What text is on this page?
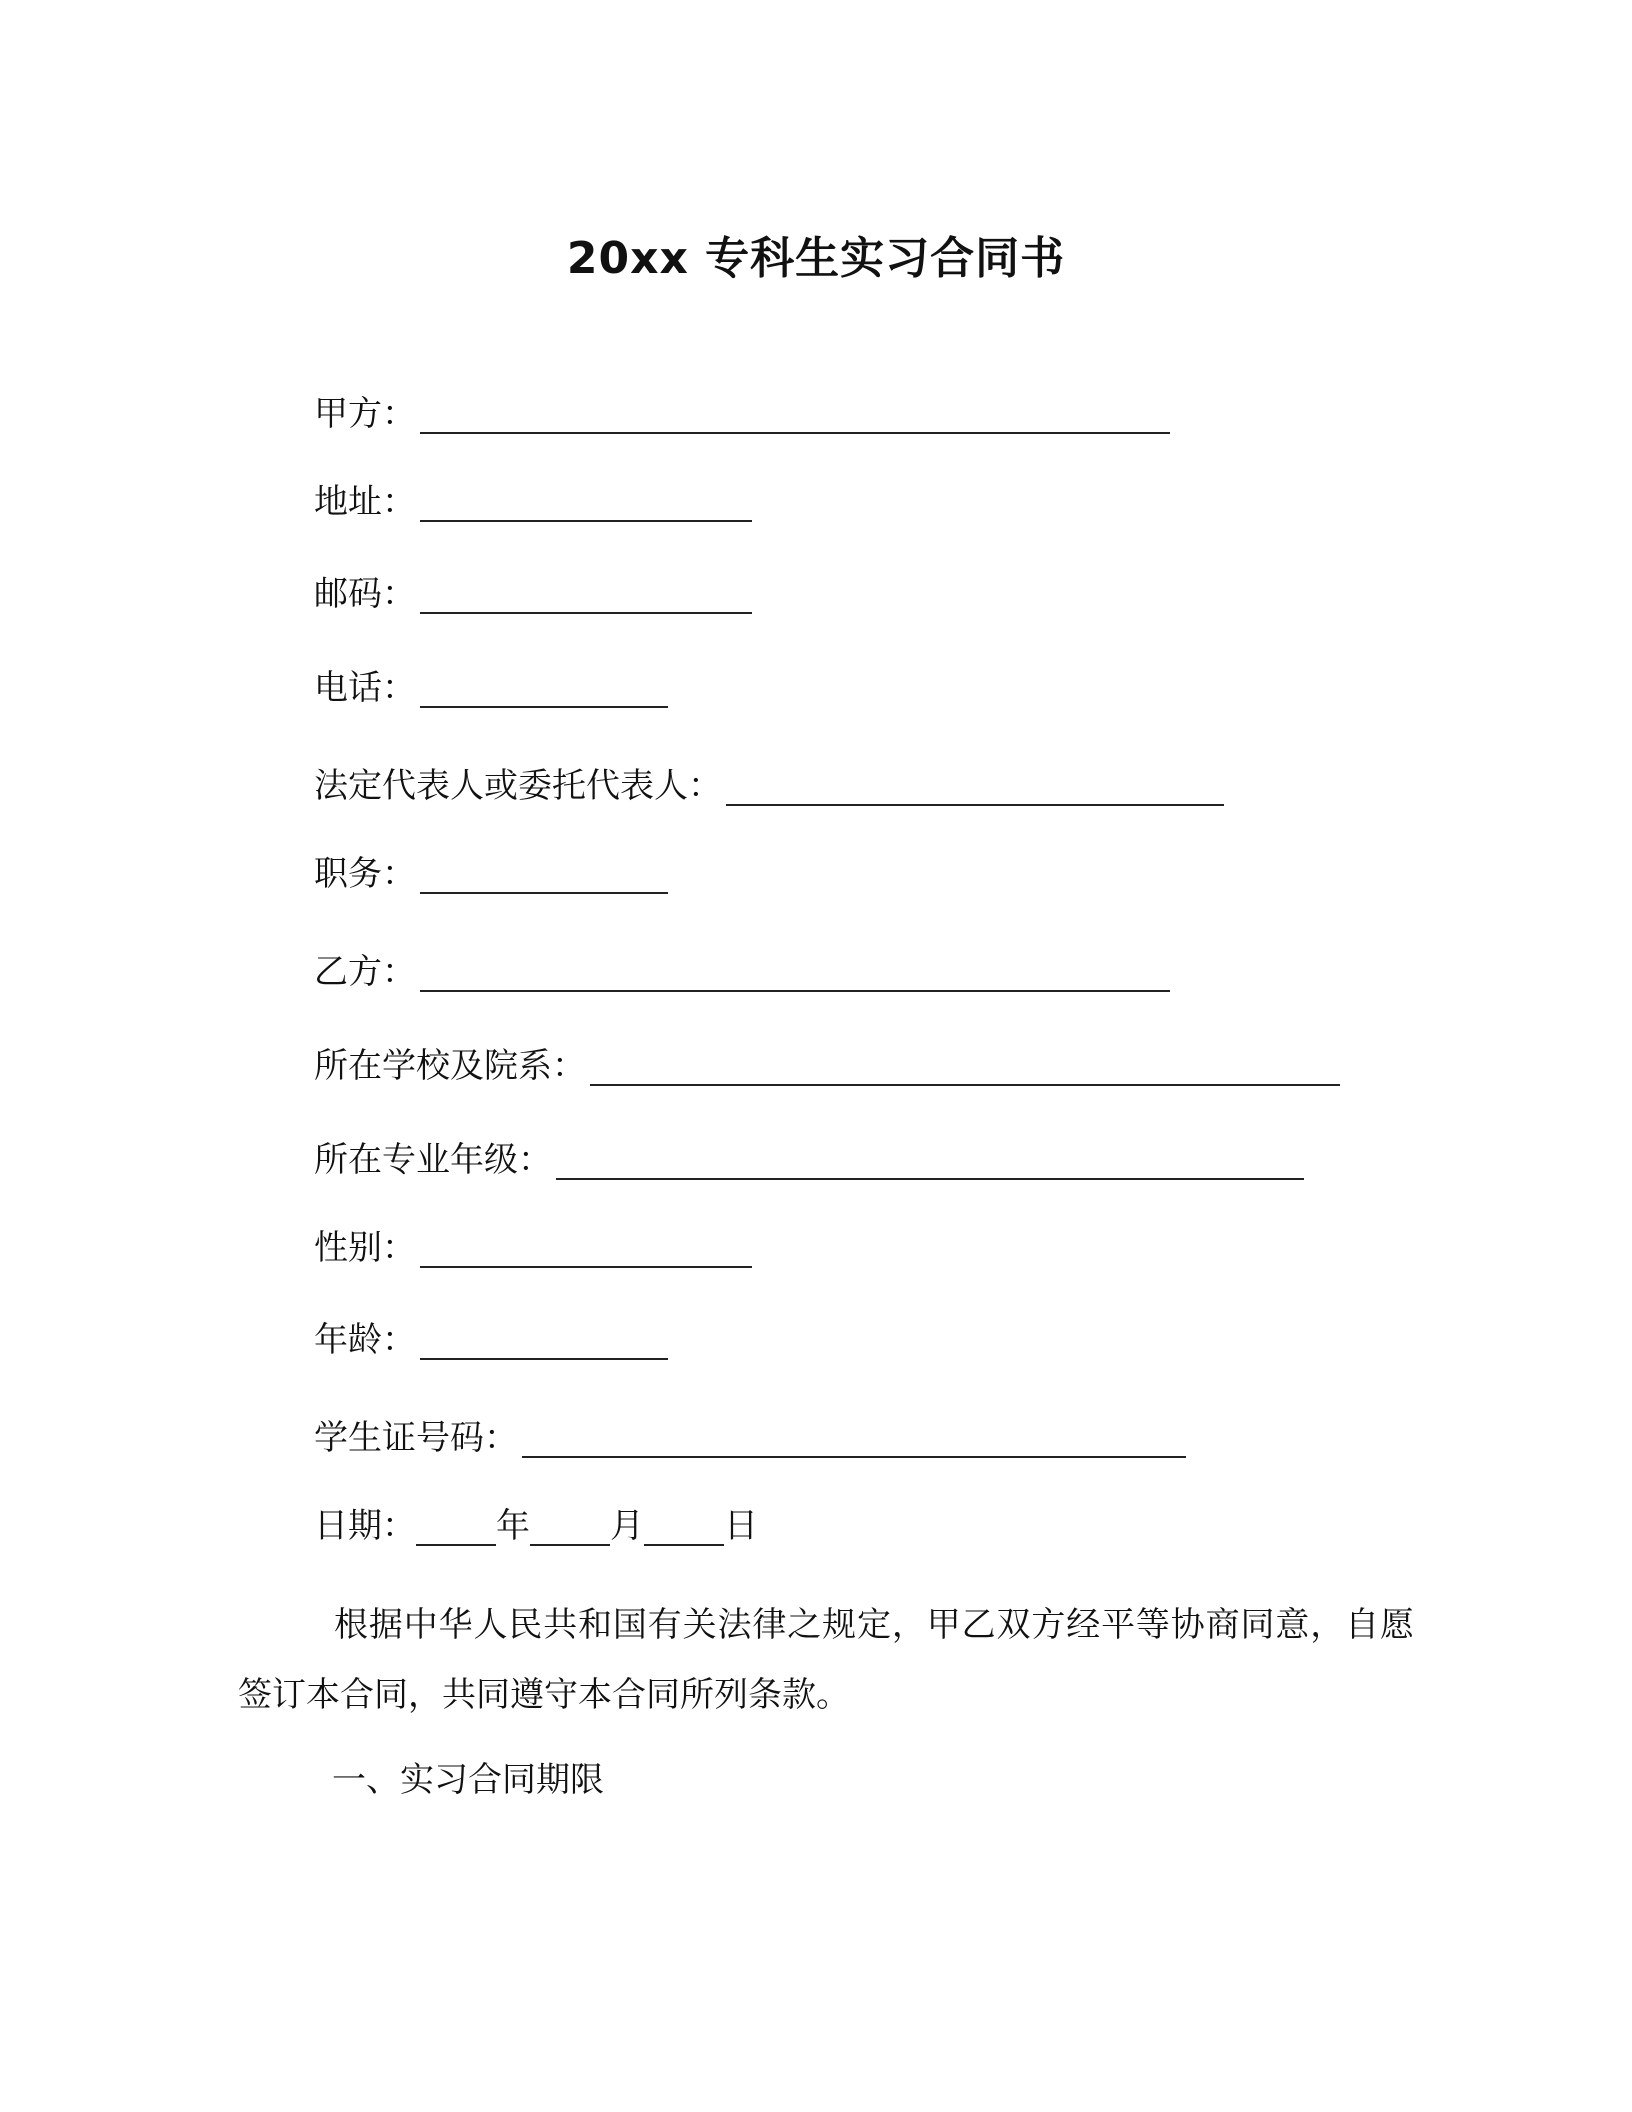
20xx 专科生实习合同书
甲方：
地址：
邮码：
电话：
法定代表人或委托代表人：
职务：
乙方：
所在学校及院系：
所在专业年级：
性别：
年龄：
学生证号码：
日期： 年 月 日
根据中华人民共和国有关法律之规定，甲乙双方经平等协商同意，自愿签订本合同，共同遵守本合同所列条款。
一、实习合同期限
